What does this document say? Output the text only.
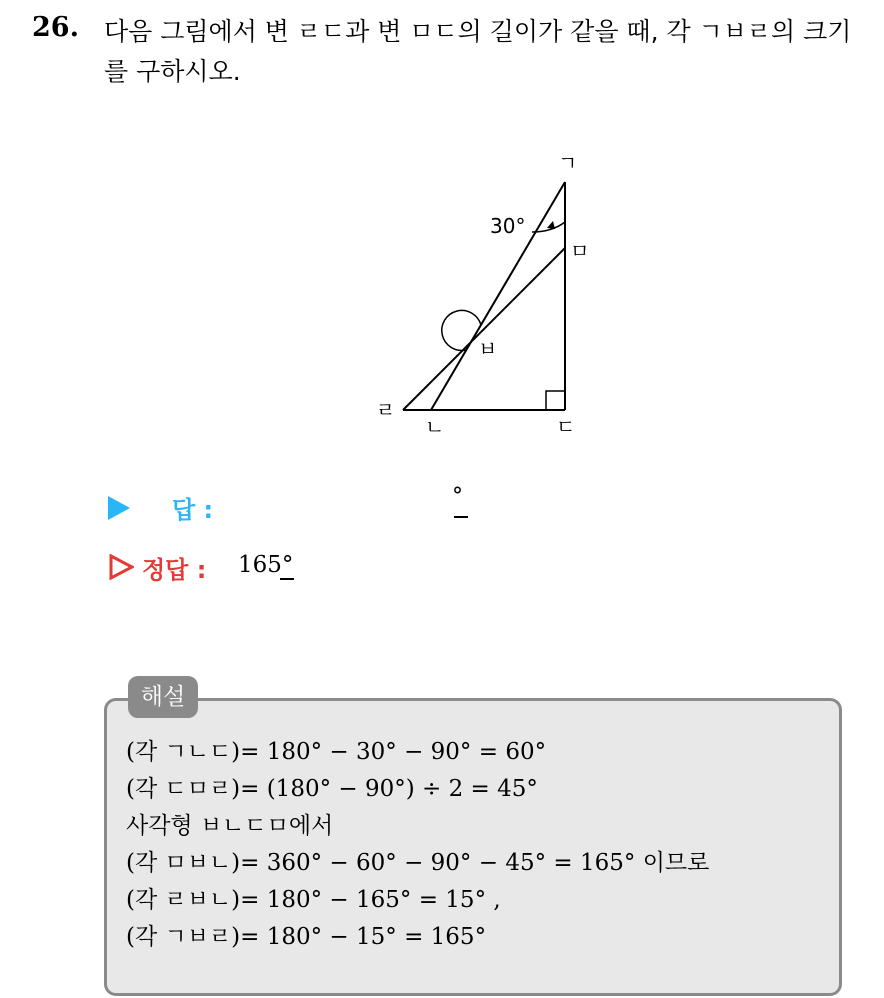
26. 다음 그림에서 변 ㄹㄷ과 변 ㅁㄷ의 길이가 같을 때, 각 ㄱㅂㄹ의 크기를 구하시오.
30°
ㄱ
ㅁ
ㅂ
ㄹ
ㄴ	ㄷ
답 :	°
정답 : 165°
해설
(각 ㄱㄴㄷ)= 180° − 30° − 90° = 60°
(각 ㄷㅁㄹ)= (180° − 90°) ÷ 2 = 45°
사각형 ㅂㄴㄷㅁ에서
(각 ㅁㅂㄴ)= 360° − 60° − 90° − 45° = 165° 이므로
(각 ㄹㅂㄴ)= 180° − 165° = 15° ,
(각 ㄱㅂㄹ)= 180° − 15° = 165°
